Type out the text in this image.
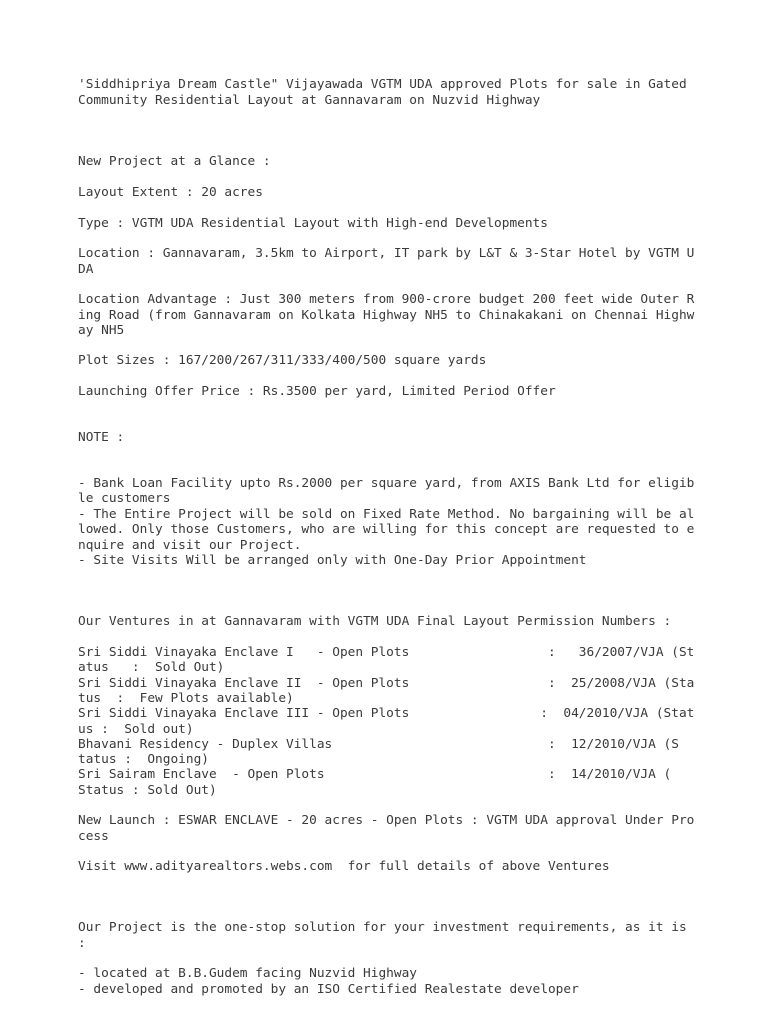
'Siddhipriya Dream Castle" Vijayawada VGTM UDA approved Plots for sale in Gated

Community Residential Layout at Gannavaram on Nuzvid Highway

New Project at a Glance :

Layout Extent : 20 acres

Type : VGTM UDA Residential Layout with High-end Developments

Location : Gannavaram, 3.5km to Airport, IT park by L&T & 3-Star Hotel by VGTM U

DA

Location Advantage : Just 300 meters from 900-crore budget 200 feet wide Outer R

ing Road (from Gannavaram on Kolkata Highway NH5 to Chinakakani on Chennai Highw

ay NH5

Plot Sizes : 167/200/267/311/333/400/500 square yards

Launching Offer Price : Rs.3500 per yard, Limited Period Offer

NOTE :

- Bank Loan Facility upto Rs.2000 per square yard, from AXIS Bank Ltd for eligib

le customers

- The Entire Project will be sold on Fixed Rate Method. No bargaining will be al

lowed. Only those Customers, who are willing for this concept are requested to e

nquire and visit our Project.

- Site Visits Will be arranged only with One-Day Prior Appointment

Our Ventures in at Gannavaram with VGTM UDA Final Layout Permission Numbers :

Sri Siddi Vinayaka Enclave I   - Open Plots                  :   36/2007/VJA (St

atus   :  Sold Out)

Sri Siddi Vinayaka Enclave II  - Open Plots                  :  25/2008/VJA (Sta

tus  :  Few Plots available)

Sri Siddi Vinayaka Enclave III - Open Plots                 :  04/2010/VJA (Stat

us :  Sold out)

Bhavani Residency - Duplex Villas                            :  12/2010/VJA (S

tatus :  Ongoing)

Sri Sairam Enclave  - Open Plots                             :  14/2010/VJA (

Status : Sold Out)

New Launch : ESWAR ENCLAVE - 20 acres - Open Plots : VGTM UDA approval Under Pro

cess

Visit www.adityarealtors.webs.com  for full details of above Ventures

Our Project is the one-stop solution for your investment requirements, as it is

:

- located at B.B.Gudem facing Nuzvid Highway

- developed and promoted by an ISO Certified Realestate developer
